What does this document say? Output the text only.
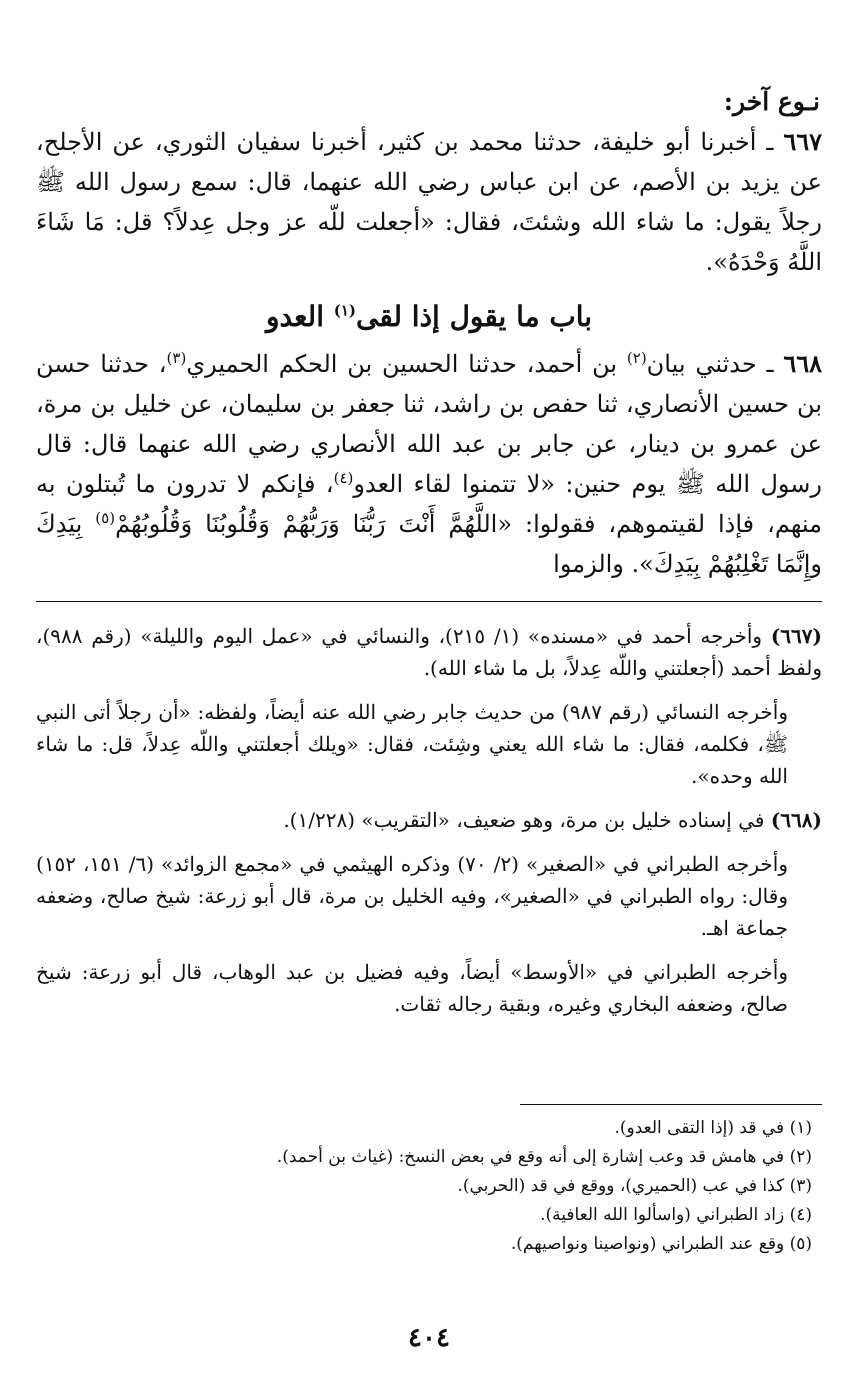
نـوع آخر:

٦٦٧ ـ أخبرنا أبو خليفة، حدثنا محمد بن كثير، أخبرنا سفيان الثوري، عن الأجلح، عن يزيد بن الأصم، عن ابن عباس رضي الله عنهما، قال: سمع رسول الله ﷺ رجلاً يقول: ما شاء الله وشئتَ، فقال: «أجعلت للّه عز وجل عِدلاً؟ قل: مَا شَاءَ اللَّهُ وَحْدَهُ».

باب ما يقول إذا لقى$^{(١)}$ العدو

٦٦٨ ـ حدثني بيان$^{(٢)}$ بن أحمد، حدثنا الحسين بن الحكم الحميري$^{(٣)}$، حدثنا حسن بن حسين الأنصاري، ثنا حفص بن راشد، ثنا جعفر بن سليمان، عن خليل بن مرة، عن عمرو بن دينار، عن جابر بن عبد الله الأنصاري رضي الله عنهما قال: قال رسول الله ﷺ يوم حنين: «لا تتمنوا لقاء العدو$^{(٤)}$، فإنكم لا تدرون ما تُبتلون به منهم، فإذا لقيتموهم، فقولوا: «اللَّهُمَّ أَنْتَ رَبُّنَا وَرَبُّهُمْ وَقُلُوبُنَا وَقُلُوبُهُمْ$^{(٥)}$ بِيَدِكَ وإِنَّمَا تَغْلِبُهُمْ بِيَدِكَ». والزموا

(٦٦٧) وأخرجه أحمد في «مسنده» (١/ ٢١٥)، والنسائي في «عمل اليوم والليلة» (رقم ٩٨٨)، ولفظ أحمد (أجعلتني واللّه عِدلاً، بل ما شاء الله).

وأخرجه النسائي (رقم ٩٨٧) من حديث جابر رضي الله عنه أيضاً، ولفظه: «أن رجلاً أتى النبي ﷺ، فكلمه، فقال: ما شاء الله يعني وشِئت، فقال: «ويلك أجعلتني واللّه عِدلاً، قل: ما شاء الله وحده».

(٦٦٨) في إسناده خليل بن مرة، وهو ضعيف، «التقريب» (١/٢٢٨).

وأخرجه الطبراني في «الصغير» (٢/ ٧٠) وذكره الهيثمي في «مجمع الزوائد» (٦/ ١٥١، ١٥٢) وقال: رواه الطبراني في «الصغير»، وفيه الخليل بن مرة، قال أبو زرعة: شيخ صالح، وضعفه جماعة اهـ.

وأخرجه الطبراني في «الأوسط» أيضاً، وفيه فضيل بن عبد الوهاب، قال أبو زرعة: شيخ صالح، وضعفه البخاري وغيره، وبقية رجاله ثقات.

(١) في قد (إذا التقى العدو).

(٢) في هامش قد وعب إشارة إلى أنه وقع في بعض النسخ: (غياث بن أحمد).

(٣) كذا في عب (الحميري)، ووقع في قد (الحربي).

(٤) زاد الطبراني (واسألوا الله العافية).

(٥) وقع عند الطبراني (ونواصينا ونواصيهم).

٤٠٤
